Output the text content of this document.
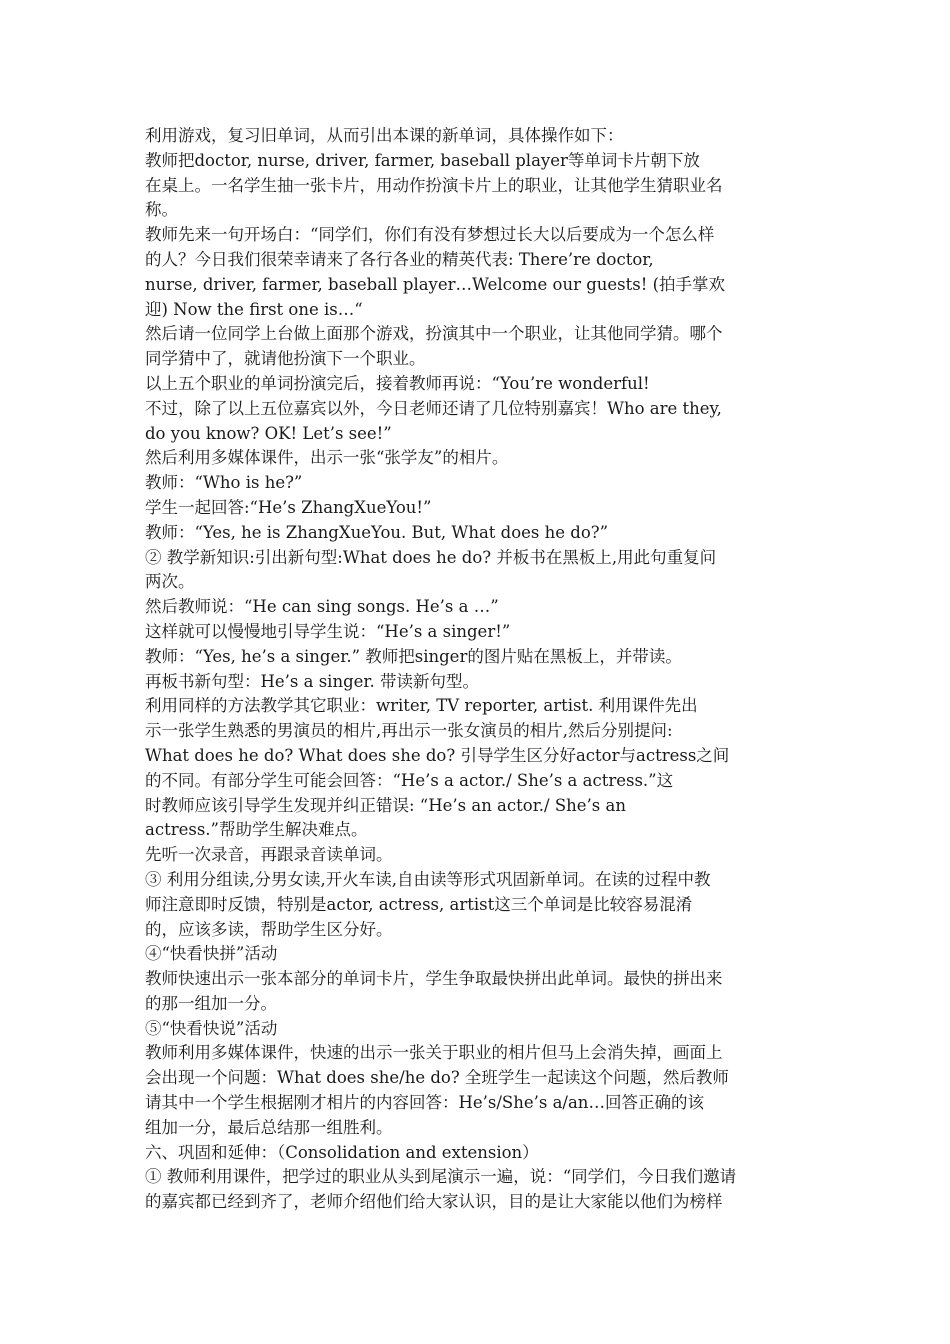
利用游戏，复习旧单词，从而引出本课的新单词，具体操作如下：
教师把doctor, nurse, driver, farmer, baseball player等单词卡片朝下放
在桌上。一名学生抽一张卡片，用动作扮演卡片上的职业，让其他学生猜职业名
称。
教师先来一句开场白：“同学们，你们有没有梦想过长大以后要成为一个怎么样
的人？今日我们很荣幸请来了各行各业的精英代表: There’re doctor,
nurse, driver, farmer, baseball player…Welcome our guests! (拍手掌欢
迎) Now the first one is…“
然后请一位同学上台做上面那个游戏，扮演其中一个职业，让其他同学猜。哪个
同学猜中了，就请他扮演下一个职业。
以上五个职业的单词扮演完后，接着教师再说：“You’re wonderful!
不过，除了以上五位嘉宾以外，今日老师还请了几位特别嘉宾！Who are they,
do you know? OK! Let’s see!”
然后利用多媒体课件，出示一张“张学友”的相片。
教师：“Who is he?”
学生一起回答:“He’s ZhangXueYou!”
教师：“Yes, he is ZhangXueYou. But, What does he do?”
② 教学新知识:引出新句型:What does he do? 并板书在黑板上,用此句重复问
两次。
然后教师说：“He can sing songs. He’s a …”
这样就可以慢慢地引导学生说：“He’s a singer!”
教师：“Yes, he’s a singer.” 教师把singer的图片贴在黑板上，并带读。
再板书新句型：He’s a singer. 带读新句型。
利用同样的方法教学其它职业：writer, TV reporter, artist. 利用课件先出
示一张学生熟悉的男演员的相片,再出示一张女演员的相片,然后分别提问:
What does he do? What does she do? 引导学生区分好actor与actress之间
的不同。有部分学生可能会回答：“He’s a actor./ She’s a actress.”这
时教师应该引导学生发现并纠正错误: “He’s an actor./ She’s an
actress.”帮助学生解决难点。
先听一次录音，再跟录音读单词。
③ 利用分组读,分男女读,开火车读,自由读等形式巩固新单词。在读的过程中教
师注意即时反馈，特别是actor, actress, artist这三个单词是比较容易混淆
的，应该多读，帮助学生区分好。
④“快看快拼”活动
教师快速出示一张本部分的单词卡片，学生争取最快拼出此单词。最快的拼出来
的那一组加一分。
⑤“快看快说”活动
教师利用多媒体课件，快速的出示一张关于职业的相片但马上会消失掉，画面上
会出现一个问题：What does she/he do? 全班学生一起读这个问题，然后教师
请其中一个学生根据刚才相片的内容回答：He’s/She’s a/an…回答正确的该
组加一分，最后总结那一组胜利。
六、巩固和延伸：（Consolidation and extension）
① 教师利用课件，把学过的职业从头到尾演示一遍，说：“同学们，今日我们邀请
的嘉宾都已经到齐了，老师介绍他们给大家认识，目的是让大家能以他们为榜样
